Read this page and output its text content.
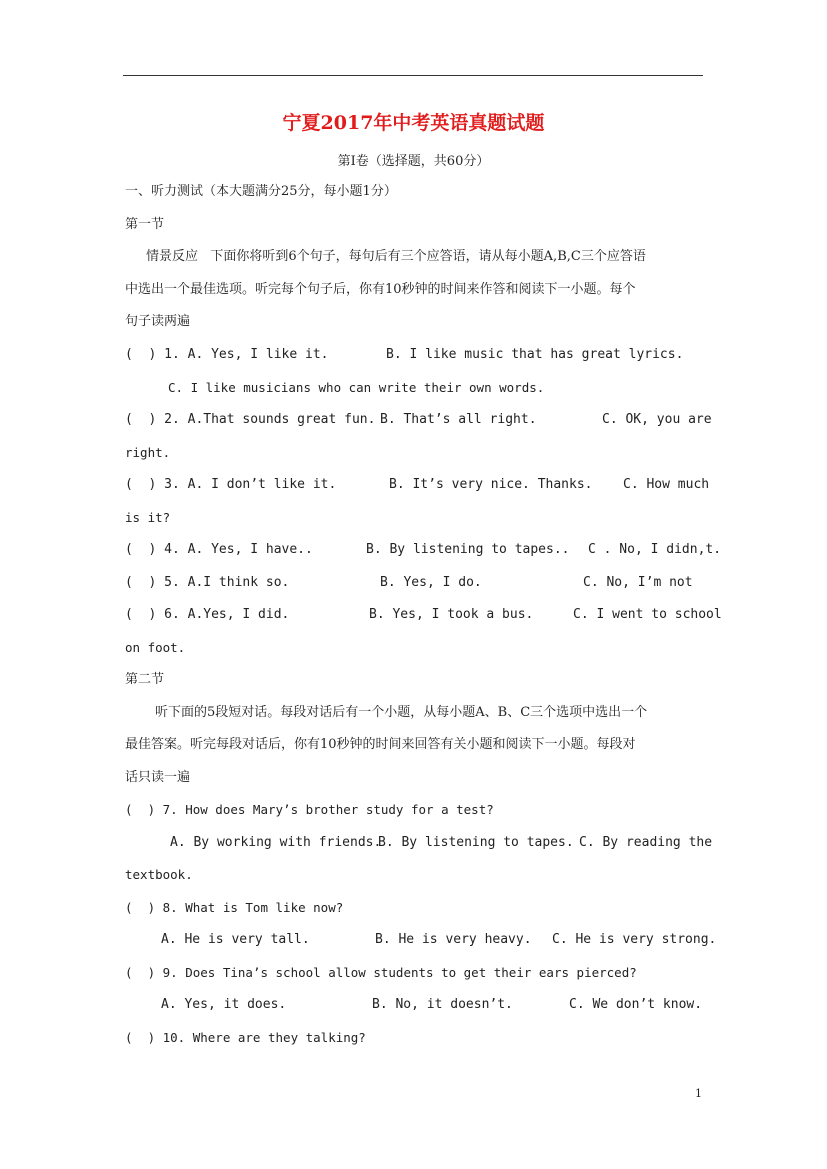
宁夏2017年中考英语真题试题
第Ⅰ卷（选择题，共60分）
一、听力测试（本大题满分25分，每小题1分）
第一节
情景反应   下面你将听到6个句子，每句后有三个应答语，请从每小题A,B,C三个应答语
中选出一个最佳选项。听完每个句子后，你有10秒钟的时间来作答和阅读下一小题。每个
句子读两遍
(  ) 1. A. Yes, I like it.	B. I like music that has great lyrics.
C. I like musicians who can write their own words.
(  ) 2. A.That sounds great fun. B. That’s all right.	C. OK, you are
right.
(  ) 3. A. I don’t like it.	B. It’s very nice. Thanks. C. How much
is it?
(  ) 4. A. Yes, I have..	B. By listening to tapes.. C . No, I didn,t.
(  ) 5. A.I think so.	B. Yes, I do.	C. No, I’m not
(  ) 6. A.Yes, I did.	B. Yes, I took a bus.	C. I went to school
on foot.
第二节
听下面的5段短对话。每段对话后有一个小题，从每小题A、B、C三个选项中选出一个
最佳答案。听完每段对话后，你有10秒钟的时间来回答有关小题和阅读下一小题。每段对
话只读一遍
(  ) 7. How does Mary’s brother study for a test?
A. By working with friends.
B. By listening to tapes. C. By reading the
textbook.
(  ) 8. What is Tom like now?
A. He is very tall.	B. He is very heavy. C. He is very strong.
(  ) 9. Does Tina’s school allow students to get their ears pierced?
A. Yes, it does.	B. No, it doesn’t.	C. We don’t know.
(  ) 10. Where are they talking?
1
